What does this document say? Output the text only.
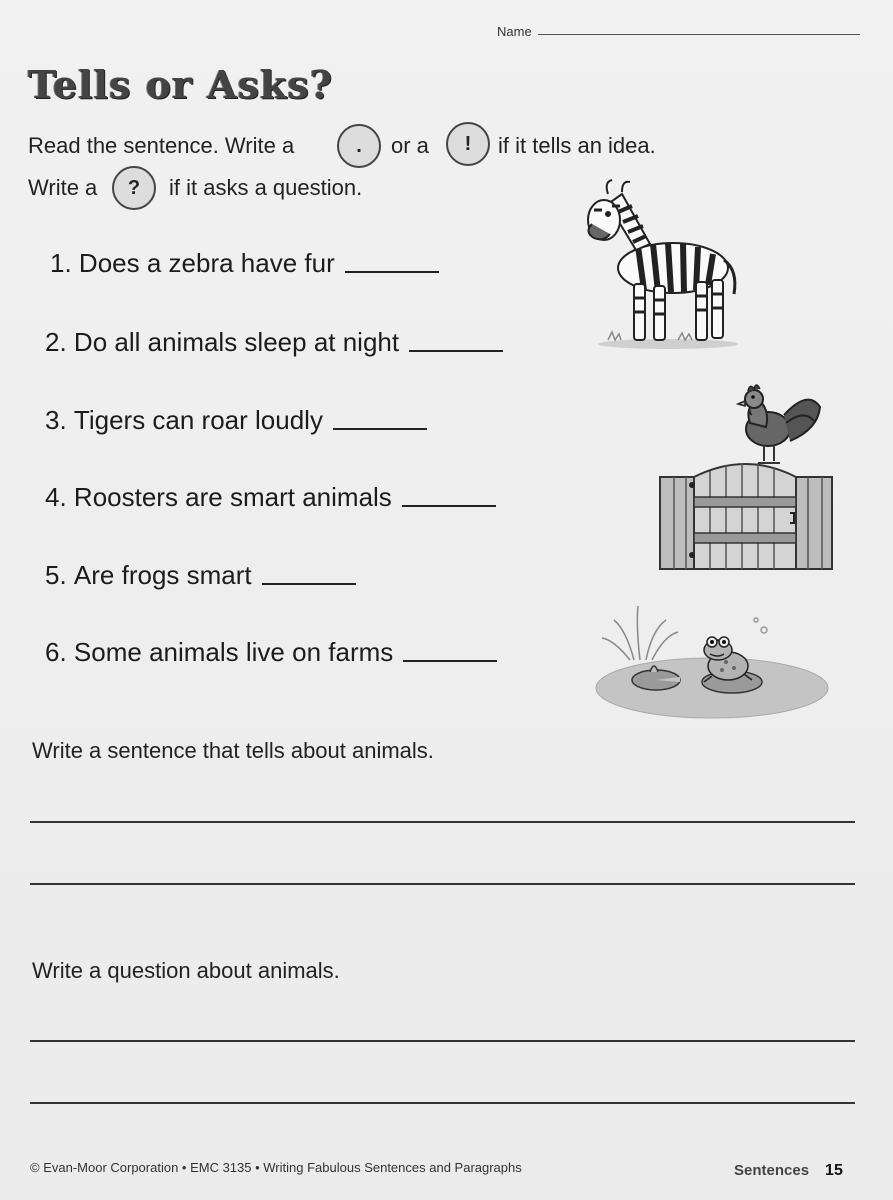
Name
Tells or Asks?
Read the sentence. Write a	. or a ! if it tells an idea.
Write a ? if it asks a question.
1.
Does a zebra have fur
2.
Do all animals sleep at night
3.
Tigers can roar loudly
4.
Roosters are smart animals
5.
Are frogs smart
6.
Some animals live on farms
Write a sentence that tells about animals.
Write a question about animals.
© Evan-Moor Corporation • EMC 3135 • Writing Fabulous Sentences and Paragraphs	Sentences 15
